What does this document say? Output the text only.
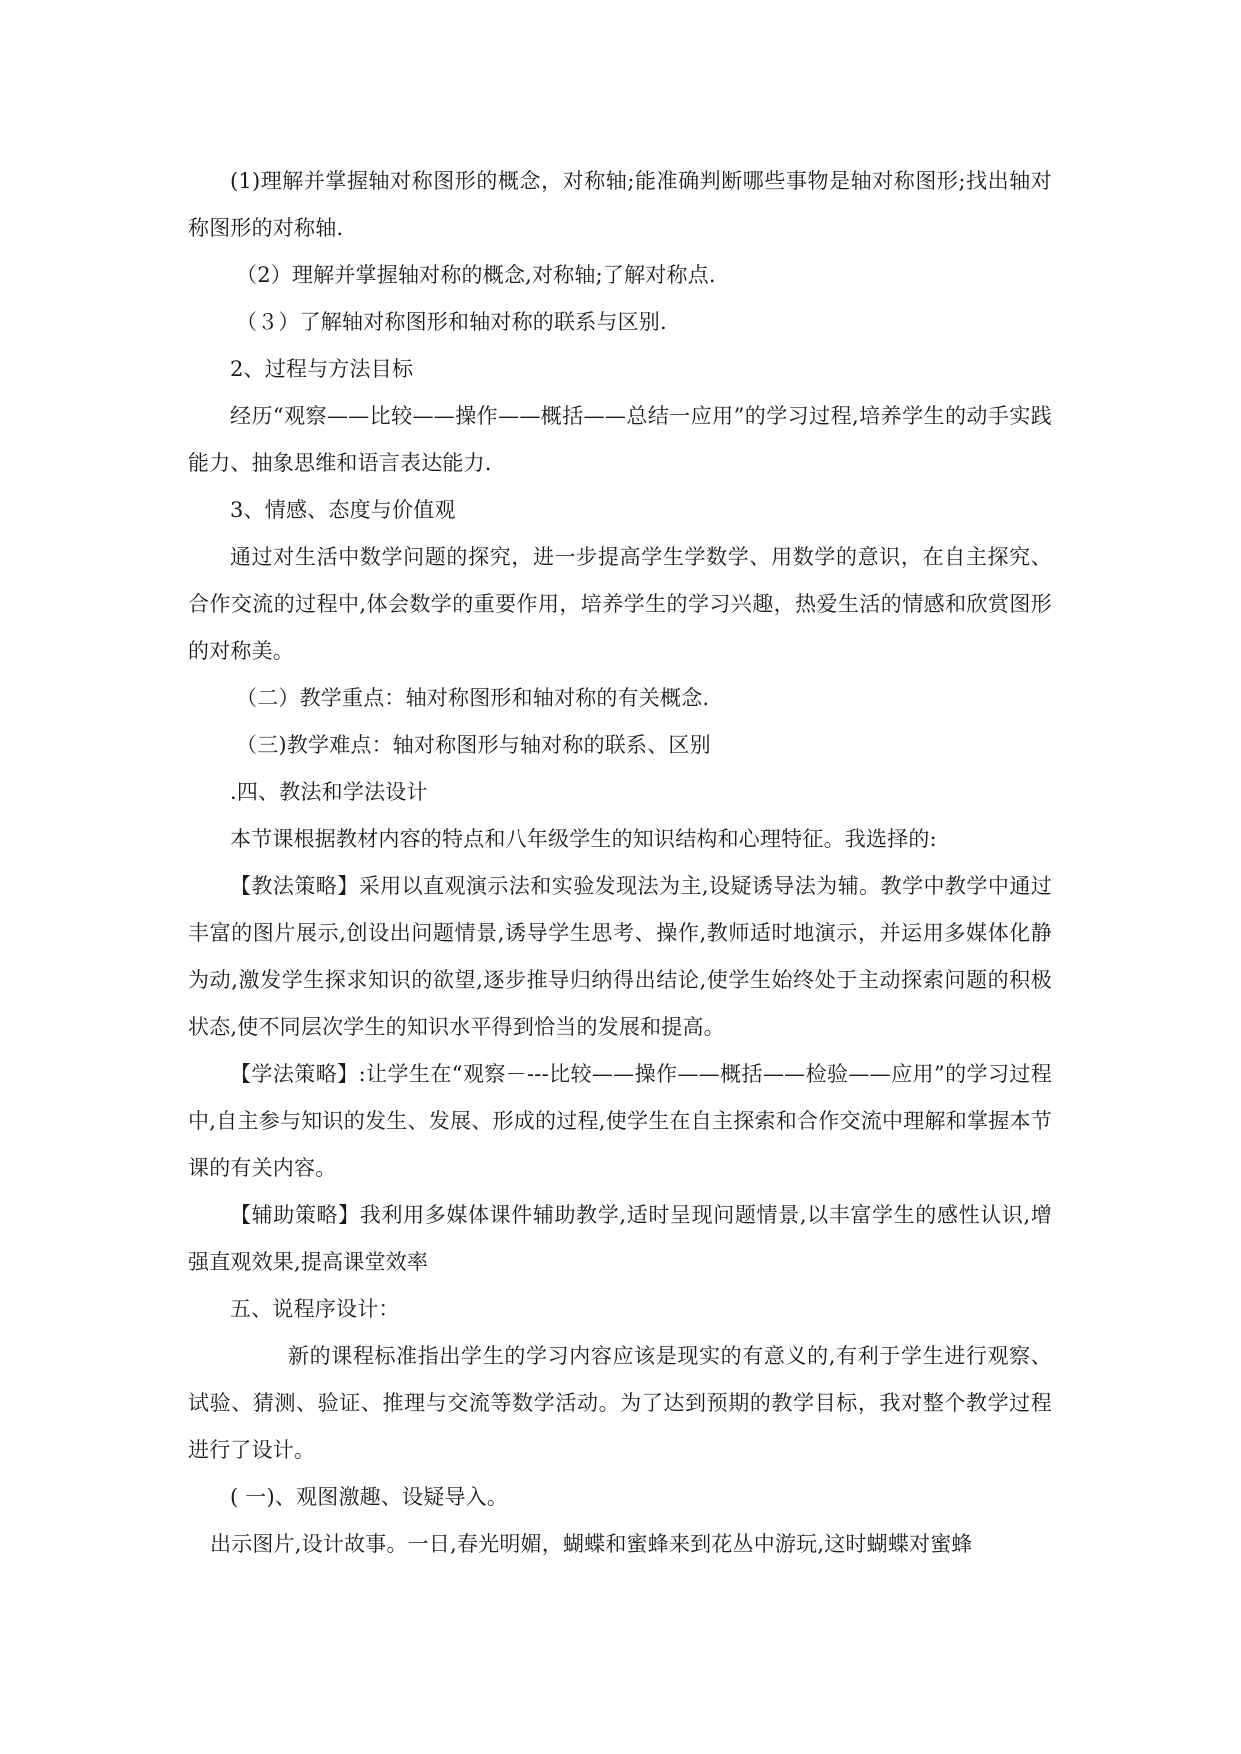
(1)理解并掌握轴对称图形的概念，对称轴;能准确判断哪些事物是轴对称图形;找出轴对称图形的对称轴.

（2）理解并掌握轴对称的概念,对称轴;了解对称点.

（３）了解轴对称图形和轴对称的联系与区别.

2、过程与方法目标

经历“观察——比较——操作——概括——总结一应用”的学习过程,培养学生的动手实践能力、抽象思维和语言表达能力.

3、情感、态度与价值观

通过对生活中数学问题的探究，进一步提高学生学数学、用数学的意识，在自主探究、合作交流的过程中,体会数学的重要作用，培养学生的学习兴趣，热爱生活的情感和欣赏图形的对称美。

（二）教学重点：轴对称图形和轴对称的有关概念.

（三)教学难点：轴对称图形与轴对称的联系、区别

.四、教法和学法设计

本节课根据教材内容的特点和八年级学生的知识结构和心理特征。我选择的:

【教法策略】采用以直观演示法和实验发现法为主,设疑诱导法为辅。教学中教学中通过丰富的图片展示,创设出问题情景,诱导学生思考、操作,教师适时地演示，并运用多媒体化静为动,激发学生探求知识的欲望,逐步推导归纳得出结论,使学生始终处于主动探索问题的积极状态,使不同层次学生的知识水平得到恰当的发展和提高。

【学法策略】:让学生在“观察－---比较——操作——概括——检验——应用”的学习过程中,自主参与知识的发生、发展、形成的过程,使学生在自主探索和合作交流中理解和掌握本节课的有关内容。

【辅助策略】我利用多媒体课件辅助教学,适时呈现问题情景,以丰富学生的感性认识,增强直观效果,提高课堂效率

五、说程序设计：

新的课程标准指出学生的学习内容应该是现实的有意义的,有利于学生进行观察、试验、猜测、验证、推理与交流等数学活动。为了达到预期的教学目标，我对整个教学过程进行了设计。

( 一)、观图激趣、设疑导入。

出示图片,设计故事。一日,春光明媚，蝴蝶和蜜蜂来到花丛中游玩,这时蝴蝶对蜜蜂
